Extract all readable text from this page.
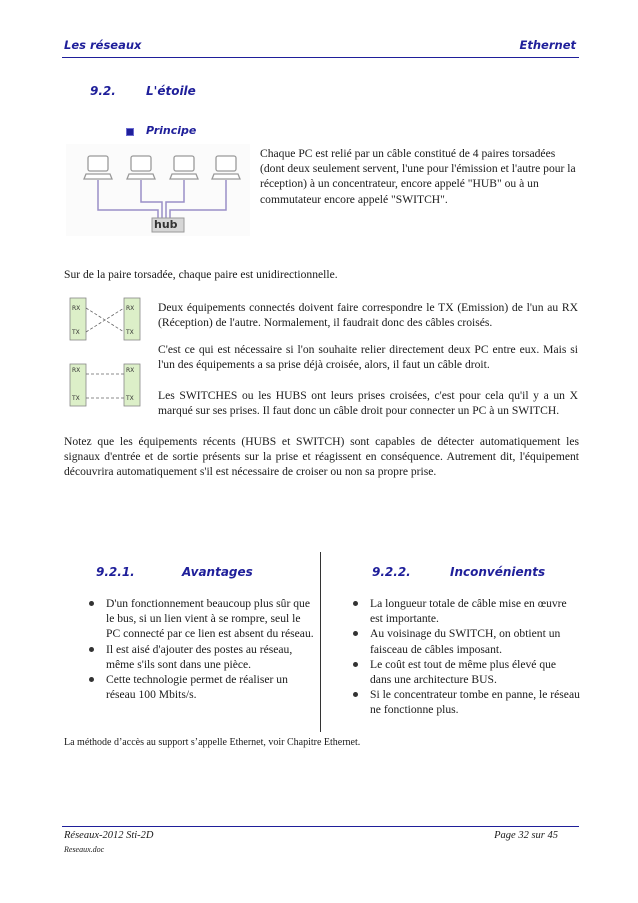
Les réseaux	Ethernet
9.2.	L'étoile
Principe
hub
Chaque PC est relié par un câble constitué de 4 paires torsadées (dont deux seulement servent, l'une pour l'émission et l'autre pour la réception) à un concentrateur, encore appelé "HUB" ou à un commutateur encore appelé "SWITCH".
Sur de la paire torsadée, chaque paire est unidirectionnelle.
RX
TX
RX
TX
RX
TX
RX
TX
Deux équipements connectés doivent faire correspondre le TX (Emission) de l'un au RX (Réception) de l'autre. Normalement, il faudrait donc des câbles croisés.
C'est ce qui est nécessaire si l'on souhaite relier directement deux PC entre eux. Mais si l'un des équipements a sa prise déjà croisée, alors, il faut un câble droit.
Les SWITCHES ou les HUBS ont leurs prises croisées, c'est pour cela qu'il y a un X marqué sur ses prises. Il faut donc un câble droit pour connecter un PC à un SWITCH.
Notez que les équipements récents (HUBS et SWITCH) sont capables de détecter automatiquement les signaux d'entrée et de sortie présents sur la prise et réagissent en conséquence. Autrement dit, l'équipement découvrira automatiquement s'il est nécessaire de croiser ou non sa propre prise.
9.2.1.	Avantages
D'un fonctionnement beaucoup plus sûr que le bus, si un lien vient à se rompre, seul le PC connecté par ce lien est absent du réseau.
Il est aisé d'ajouter des postes au réseau, même s'ils sont dans une pièce.
Cette technologie permet de réaliser un réseau 100 Mbits/s.
9.2.2.	Inconvénients
La longueur totale de câble mise en œuvre est importante.
Au voisinage du SWITCH, on obtient un faisceau de câbles imposant.
Le coût est tout de même plus élevé que dans une architecture BUS.
Si le concentrateur tombe en panne, le réseau ne fonctionne plus.
La méthode d’accès au support s’appelle Ethernet, voir Chapitre Ethernet.
Réseaux-2012 Sti-2D	Page 32 sur 45
Reseaux.doc
